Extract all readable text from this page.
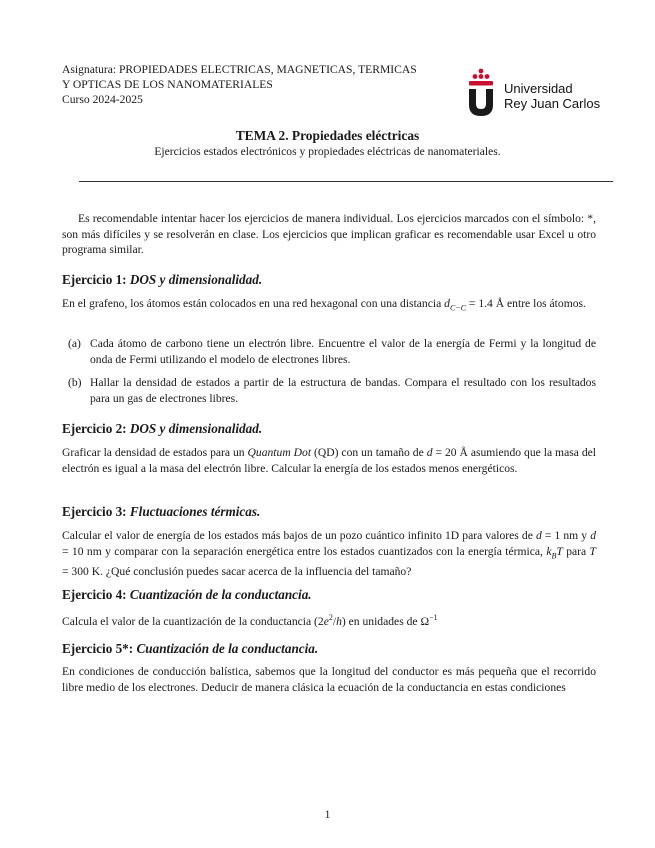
Asignatura: PROPIEDADES ELECTRICAS, MAGNETICAS, TERMICAS
Y OPTICAS DE LOS NANOMATERIALES
Curso 2024-2025
Universidad
Rey Juan Carlos
TEMA 2. Propiedades eléctricas
Ejercicios estados electrónicos y propiedades eléctricas de nanomateriales.
Es recomendable intentar hacer los ejercicios de manera individual. Los ejercicios marcados con el símbolo: *, son más difíciles y se resolverán en clase. Los ejercicios que implican graficar es recomendable usar Excel u otro programa similar.
Ejercicio 1: DOS y dimensionalidad.
En el grafeno, los átomos están colocados en una red hexagonal con una distancia $d_{C-C} = 1.4$ Å entre los átomos.
(a) Cada átomo de carbono tiene un electrón libre. Encuentre el valor de la energía de Fermi y la longitud de onda de Fermi utilizando el modelo de electrones libres.
(b) Hallar la densidad de estados a partir de la estructura de bandas. Compara el resultado con los resultados para un gas de electrones libres.
Ejercicio 2: DOS y dimensionalidad.
Graficar la densidad de estados para un Quantum Dot (QD) con un tamaño de d = 20 Å asumiendo que la masa del electrón es igual a la masa del electrón libre. Calcular la energía de los estados menos energéticos.
Ejercicio 3: Fluctuaciones térmicas.
Calcular el valor de energía de los estados más bajos de un pozo cuántico infinito 1D para valores de d = 1 nm y d = 10 nm y comparar con la separación energética entre los estados cuantizados con la energía térmica, $k_BT$ para T = 300 K. ¿Qué conclusión puedes sacar acerca de la influencia del tamaño?
Ejercicio 4: Cuantización de la conductancia.
Calcula el valor de la cuantización de la conductancia $(2e^2/h)$ en unidades de $\Omega^{-1}$
Ejercicio 5*: Cuantización de la conductancia.
En condiciones de conducción balística, sabemos que la longitud del conductor es más pequeña que el recorrido libre medio de los electrones. Deducir de manera clásica la ecuación de la conductancia en estas condiciones
1
